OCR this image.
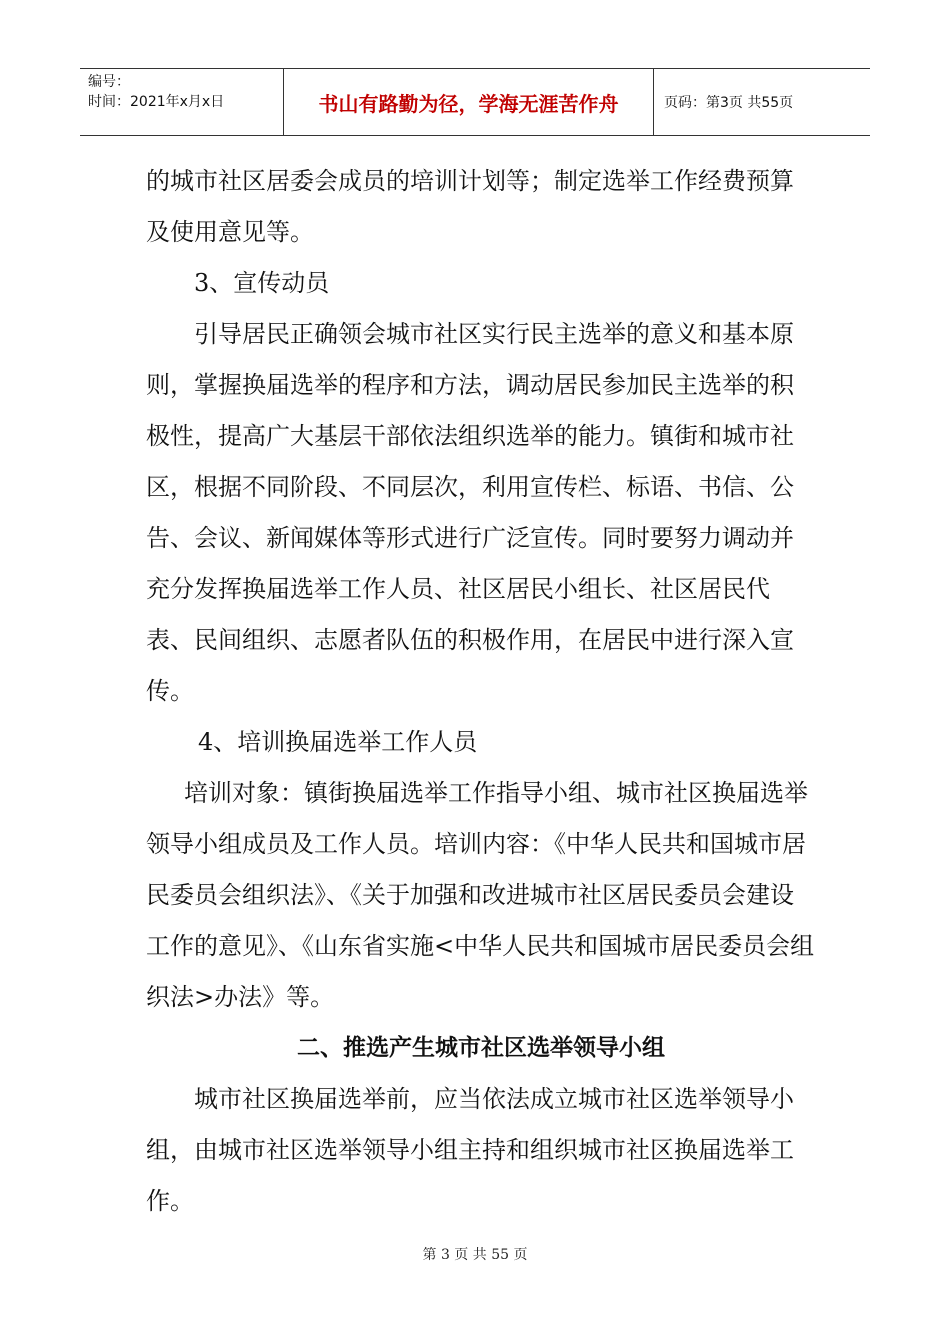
编号：
时间：2021年x月x日	书山有路勤为径，学海无涯苦作舟	页码：第3页 共55页

的城市社区居委会成员的培训计划等；制定选举工作经费预算及使用意见等。

3、宣传动员

引导居民正确领会城市社区实行民主选举的意义和基本原则，掌握换届选举的程序和方法，调动居民参加民主选举的积极性，提高广大基层干部依法组织选举的能力。镇街和城市社区，根据不同阶段、不同层次，利用宣传栏、标语、书信、公告、会议、新闻媒体等形式进行广泛宣传。同时要努力调动并充分发挥换届选举工作人员、社区居民小组长、社区居民代表、民间组织、志愿者队伍的积极作用，在居民中进行深入宣传。

4、培训换届选举工作人员

培训对象：镇街换届选举工作指导小组、城市社区换届选举领导小组成员及工作人员。培训内容：《中华人民共和国城市居民委员会组织法》、《关于加强和改进城市社区居民委员会建设工作的意见》、《山东省实施<中华人民共和国城市居民委员会组织法>办法》等。

二、推选产生城市社区选举领导小组

城市社区换届选举前，应当依法成立城市社区选举领导小组，由城市社区选举领导小组主持和组织城市社区换届选举工作。

第 3 页 共 55 页
